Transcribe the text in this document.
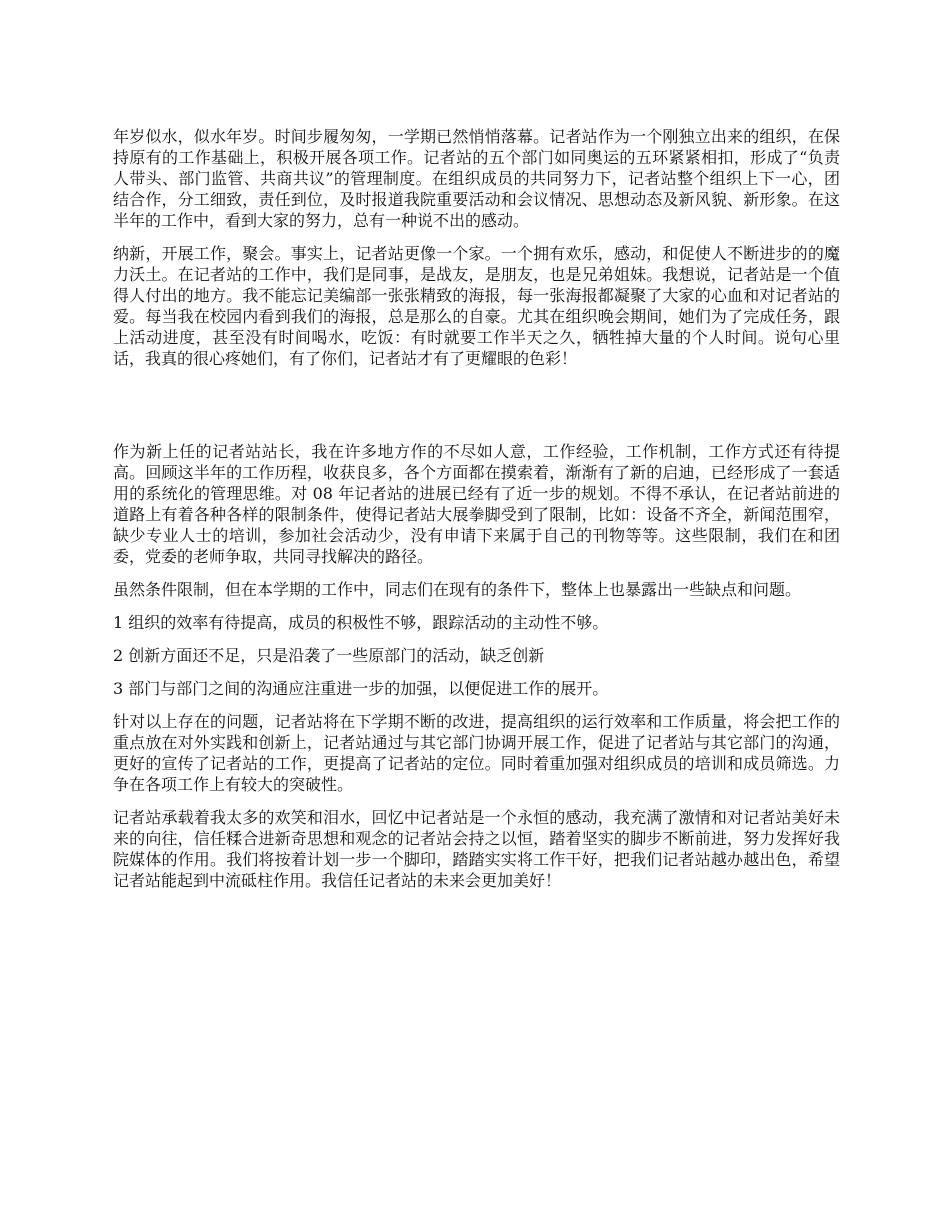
年岁似水，似水年岁。时间步履匆匆，一学期已然悄悄落幕。记者站作为一个刚独立出来的组织，在保持原有的工作基础上，积极开展各项工作。记者站的五个部门如同奥运的五环紧紧相扣，形成了“负责人带头、部门监管、共商共议”的管理制度。在组织成员的共同努力下，记者站整个组织上下一心，团结合作，分工细致，责任到位，及时报道我院重要活动和会议情况、思想动态及新风貌、新形象。在这半年的工作中，看到大家的努力，总有一种说不出的感动。

纳新，开展工作，聚会。事实上，记者站更像一个家。一个拥有欢乐，感动，和促使人不断进步的的魔力沃土。在记者站的工作中，我们是同事，是战友，是朋友，也是兄弟姐妹。我想说，记者站是一个值得人付出的地方。我不能忘记美编部一张张精致的海报，每一张海报都凝聚了大家的心血和对记者站的爱。每当我在校园内看到我们的海报，总是那么的自豪。尤其在组织晚会期间，她们为了完成任务，跟上活动进度，甚至没有时间喝水，吃饭：有时就要工作半天之久，牺牲掉大量的个人时间。说句心里话，我真的很心疼她们，有了你们，记者站才有了更耀眼的色彩！

作为新上任的记者站站长，我在许多地方作的不尽如人意，工作经验，工作机制，工作方式还有待提高。回顾这半年的工作历程，收获良多，各个方面都在摸索着，渐渐有了新的启迪，已经形成了一套适用的系统化的管理思维。对 08 年记者站的进展已经有了近一步的规划。不得不承认，在记者站前进的道路上有着各种各样的限制条件，使得记者站大展拳脚受到了限制，比如：设备不齐全，新闻范围窄，缺少专业人士的培训，参加社会活动少，没有申请下来属于自己的刊物等等。这些限制，我们在和团委，党委的老师争取，共同寻找解决的路径。

虽然条件限制，但在本学期的工作中，同志们在现有的条件下，整体上也暴露出一些缺点和问题。

1 组织的效率有待提高，成员的积极性不够，跟踪活动的主动性不够。

2 创新方面还不足，只是沿袭了一些原部门的活动，缺乏创新

3 部门与部门之间的沟通应注重进一步的加强，以便促进工作的展开。

针对以上存在的问题，记者站将在下学期不断的改进，提高组织的运行效率和工作质量，将会把工作的重点放在对外实践和创新上，记者站通过与其它部门协调开展工作，促进了记者站与其它部门的沟通，更好的宣传了记者站的工作，更提高了记者站的定位。同时着重加强对组织成员的培训和成员筛选。力争在各项工作上有较大的突破性。

记者站承载着我太多的欢笑和泪水，回忆中记者站是一个永恒的感动，我充满了激情和对记者站美好未来的向往，信任糅合进新奇思想和观念的记者站会持之以恒，踏着坚实的脚步不断前进，努力发挥好我院媒体的作用。我们将按着计划一步一个脚印，踏踏实实将工作干好，把我们记者站越办越出色，希望记者站能起到中流砥柱作用。我信任记者站的未来会更加美好！
